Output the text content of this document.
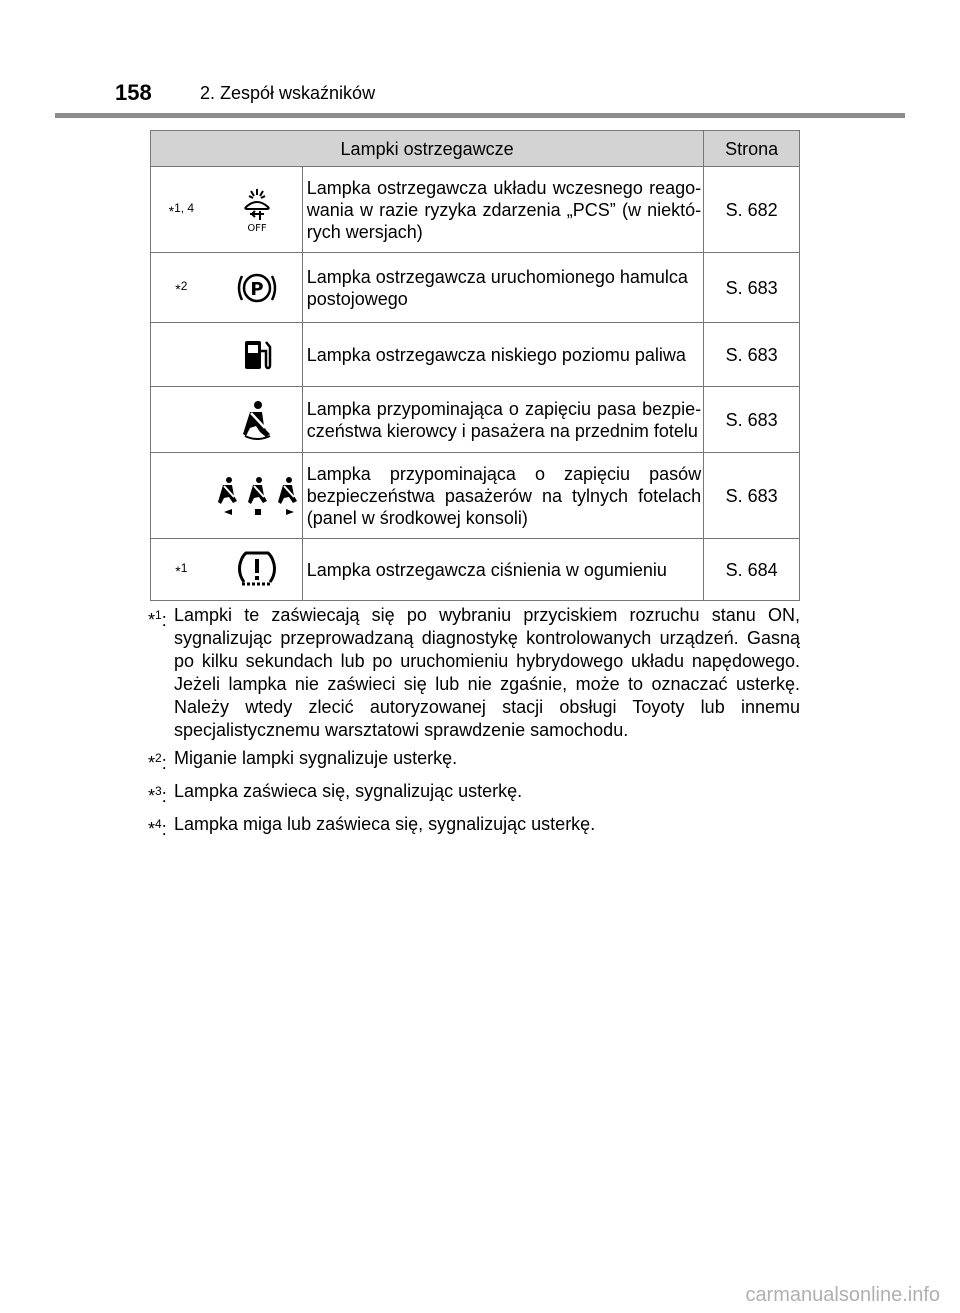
158	2. Zespół wskaźników
Lampki ostrzegawcze			Strona
*$^{1, 4}$	OFF	Lampka ostrzegawcza układu wczesnego reago- wania w razie ryzyka zdarzenia „PCS” (w niektó- rych wersjach)	S. 682
*$^2$	P	Lampka ostrzegawcza uruchomionego hamulca postojowego	S. 683

	Lampka ostrzegawcza niskiego poziomu paliwa	S. 683

	Lampka przypominająca o zapięciu pasa bezpie- czeństwa kierowcy i pasażera na przednim fotelu	S. 683

	Lampka przypominająca o zapięciu pasów bezpieczeństwa pasażerów na tylnych fotelach (panel w środkowej konsoli)	S. 683
*$^1$		Lampka ostrzegawcza ciśnienia w ogumieniu	S. 684
*$^1$: Lampki te zaświecają się po wybraniu przyciskiem rozruchu stanu ON, sygnalizując przeprowadzaną diagnostykę kontrolowanych urządzeń. Gasną po kilku sekundach lub po uruchomieniu hybrydowego układu napędowego. Jeżeli lampka nie zaświeci się lub nie zgaśnie, może to oznaczać usterkę. Należy wtedy zlecić autoryzowanej stacji obsługi Toyoty lub innemu specjalistycznemu warsztatowi sprawdzenie samochodu.
*$^2$: Miganie lampki sygnalizuje usterkę.
*$^3$: Lampka zaświeca się, sygnalizując usterkę.
*$^4$: Lampka miga lub zaświeca się, sygnalizując usterkę.
carmanualsonline.info
